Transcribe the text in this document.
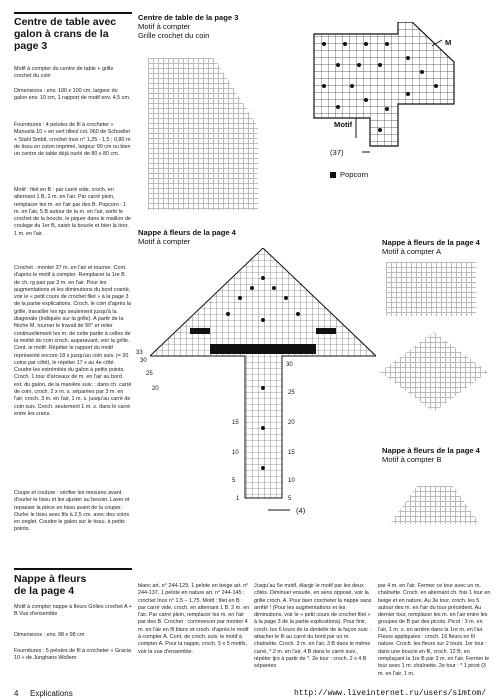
Centre de table avec
galon à crans de la
page 3
Motif à compter du centre de table + grille crochet du coin
Dimensions : env. 100 x 100 cm, largeur du galon env. 10 cm, 1 rapport de motif env. 4,5 cm.
Fournitures : 4 pelotes de fil à crocheter « Manuela 10 » en vert tilleul col. 060 de Schoeller + Stahl Smbtl, crochet Inox n° 1,25 - 1,5 ; 0,80 m de tissu en coton imprimé, largeur 90 cm ou bien un centre de table déjà ourlé de 80 x 80 cm.
Motif : filet en B : par carré vide, croch. en alternant 1 B, 2 m. en l'air. Par carré plein, remplacer les m. en l'air par des B. Popcorn : 1 m. en l'air, 5 B autour de la m. en l'air, sortir le crochet de la boucle, le piquer dans le maillon de coulage du 1er B, saisir la boucle et bien la tirer, 1 m. en l'air.
Crochet : monter 37 m. en l'air et tourner. Cont. d'après le motif à compter. Remplacer la 1re B de ch. rg pair par 3 m. en l'air. Pour les augmentations et les diminutions du bord cranté, voir le « petit cours de crochet filet » à la page 3 de la partie explications. Croch. le coin d'après la grille, travailler les rgs seulement jusqu'à la diagonale (indiquée sur la grille). A partir de la flèche M, tourner le travail de 90° et relier continuellement les m. de cette partie à celles de la moitié du coin croch. auparavant, voir la grille. Cont. le motif. Répéter le rapport du motif représenté encore 18 x jusqu'au coin suiv. (= 20 coins par côté), le répéter 17 x au 4e côté. Coudre les extrémités du galon à petits points. Croch. 1 tour d'arceaux de m. en l'air au bord ext. du galon, de la manière suiv. : dans ch. carré de coin, croch. 2 x m. s. séparées par 3 m. en l'air, croch. 3 m. en l'air, 1 m. s. jusqu'au carré de coin suiv. Croch. seulement 1 m. s. dans le carré entre les crans.
Coupe et couture : vérifier les mesures avant d'ourler le tissu et les ajuster au besoin. Laver et repasser la pièce en tissu avant de la couper. Ourler le tissu avec fils à 2,5 cm. avec des coins en onglet. Coudre le galon sur le tissu, à petits points.
Nappe à fleurs
de la page 4
Motif à compter nappe à fleurs Grilles crochet A + B Vue d'ensemble
Dimensions : env. 98 x 98 cm
Fournitures : 5 pelotes de fil à crocheter « Gracia 10 » de Junghans Wollem
Centre de table de la page 3
Motif à compter
Grille crochet du coin
M
Motif
(37)
Popcorn
Nappe à fleurs de la page 4
Motif à compter
(4)
33
30
25
20
15
10
5
1
30
25
20
15
10
5
Nappe à fleurs de la page 4
Motif à compter A
Nappe à fleurs de la page 4
Motif à compter B
blanc art. n° 244-129, 1 pelote en beige art. n° 244-137, 1 pelote en nature art. n° 244-145 ; crochet Inox n° 1,5 – 1,75. Motif : filet en B : par carré vide, croch. en alternant 1 B, 2 m. en l'air. Par carré plein, remplacer les m. en l'air par des B. Crochet : commencer par monter 4 m. en l'air en fil blanc et croch. d'après le motif à compter A. Cont. de croch. suiv. le motif à compter A. Pour la nappe, croch. 5 x 5 motifs, voir la vue d'ensemble.
Jusqu'au 5e motif, élargir le motif par les deux côtés. Diminuer ensuite, en sens opposé, voir la grille croch. A. Pour bien crocheter la nappe sans arrêté ! (Pour les augmentations et les diminutions, voir le « petit cours de crochet filet » à la page 3 de la partie explications). Pour finir, croch. les 6 tours de la dentelle de la façon suiv. : attacher le fil au carré du bord par un m. chaînette. Croch. 3 m. en l'air, 3 B dans le même carré, * 2 m. en l'air, 4 B dans le carré suiv., répéter tjrs à partir de *. 2e tour : croch. 2 x 4 B séparées
par 4 m. en l'air. Fermer ce tour avec un m. chaînette. Croch. en alternant ch. fois 1 tour en beige et en nature. Au 3e tour, croch. les 5 autour des m. en l'air du tour précédent. Au dernier tour, remplacer les m. en l'air entre les groupes de B par des picots. Picot : 3 m. en l'air, 1 m. s. en arrière dans la 1re m. en l'air. Fleurs appliquées : croch. 16 fleurs en fil nature. Croch. les fleurs sur 2 tours. 1er tour : dans une boucle en fil, croch. 12 B, en remplaçant la 1re B par 3 m. en l'air. Fermer le tour avec 1 m. chaînette. 2e tour : * 1 picot (3 m. en l'air, 1 m.
4 Explications	http://www.liveinternet.ru/users/simtom/
